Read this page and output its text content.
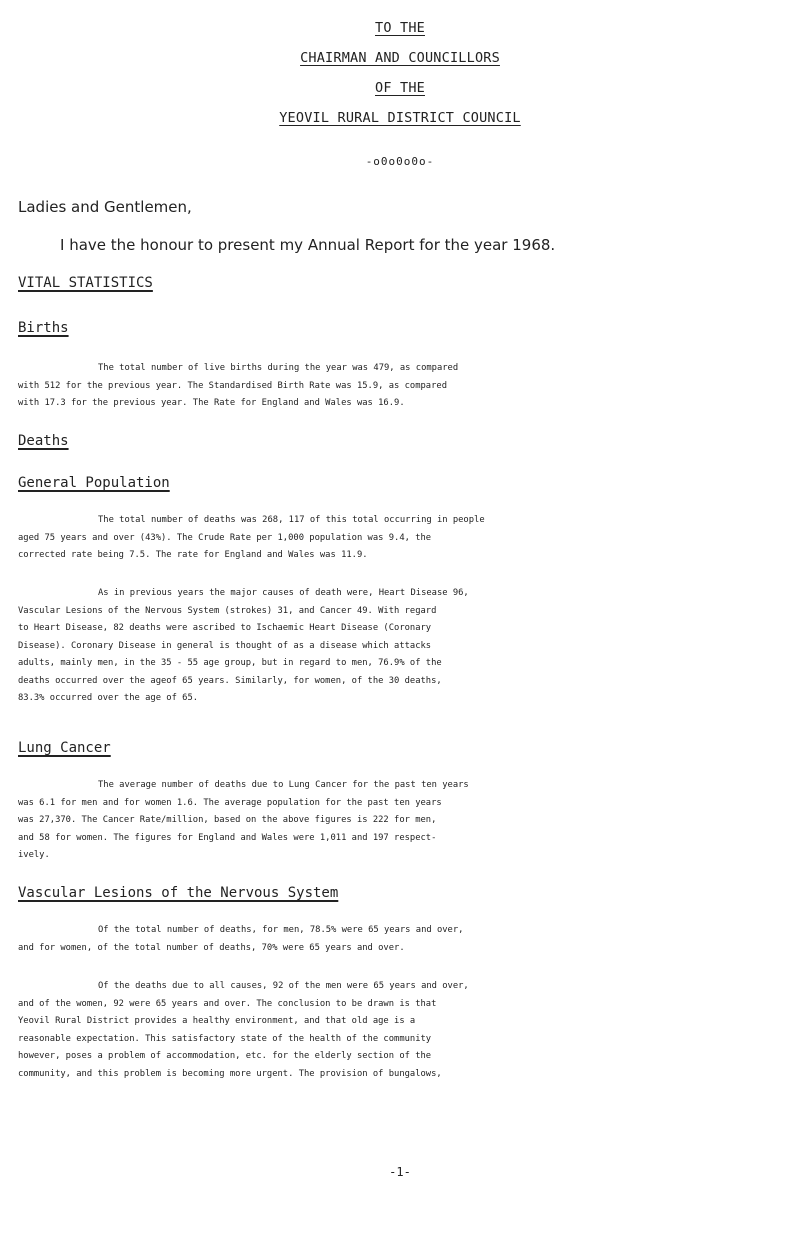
TO THE
CHAIRMAN AND COUNCILLORS
OF THE
YEOVIL RURAL DISTRICT COUNCIL
-o0o0o0o-
Ladies and Gentlemen,
I have the honour to present my Annual Report for the year 1968.
VITAL STATISTICS
Births
The total number of live births during the year was 479, as compared
with 512 for the previous year. The Standardised Birth Rate was 15.9, as compared
with 17.3 for the previous year. The Rate for England and Wales was 16.9.
Deaths
General Population
The total number of deaths was 268, 117 of this total occurring in people
aged 75 years and over (43%). The Crude Rate per 1,000 population was 9.4, the
corrected rate being 7.5. The rate for England and Wales was 11.9.
As in previous years the major causes of death were, Heart Disease 96,
Vascular Lesions of the Nervous System (strokes) 31, and Cancer 49. With regard
to Heart Disease, 82 deaths were ascribed to Ischaemic Heart Disease (Coronary
Disease). Coronary Disease in general is thought of as a disease which attacks
adults, mainly men, in the 35 - 55 age group, but in regard to men, 76.9% of the
deaths occurred over the ageof 65 years. Similarly, for women, of the 30 deaths,
83.3% occurred over the age of 65.
Lung Cancer
The average number of deaths due to Lung Cancer for the past ten years
was 6.1 for men and for women 1.6. The average population for the past ten years
was 27,370. The Cancer Rate/million, based on the above figures is 222 for men,
and 58 for women. The figures for England and Wales were 1,011 and 197 respect-
ively.
Vascular Lesions of the Nervous System
Of the total number of deaths, for men, 78.5% were 65 years and over,
and for women, of the total number of deaths, 70% were 65 years and over.
Of the deaths due to all causes, 92 of the men were 65 years and over,
and of the women, 92 were 65 years and over. The conclusion to be drawn is that
Yeovil Rural District provides a healthy environment, and that old age is a
reasonable expectation. This satisfactory state of the health of the community
however, poses a problem of accommodation, etc. for the elderly section of the
community, and this problem is becoming more urgent. The provision of bungalows,
-1-
